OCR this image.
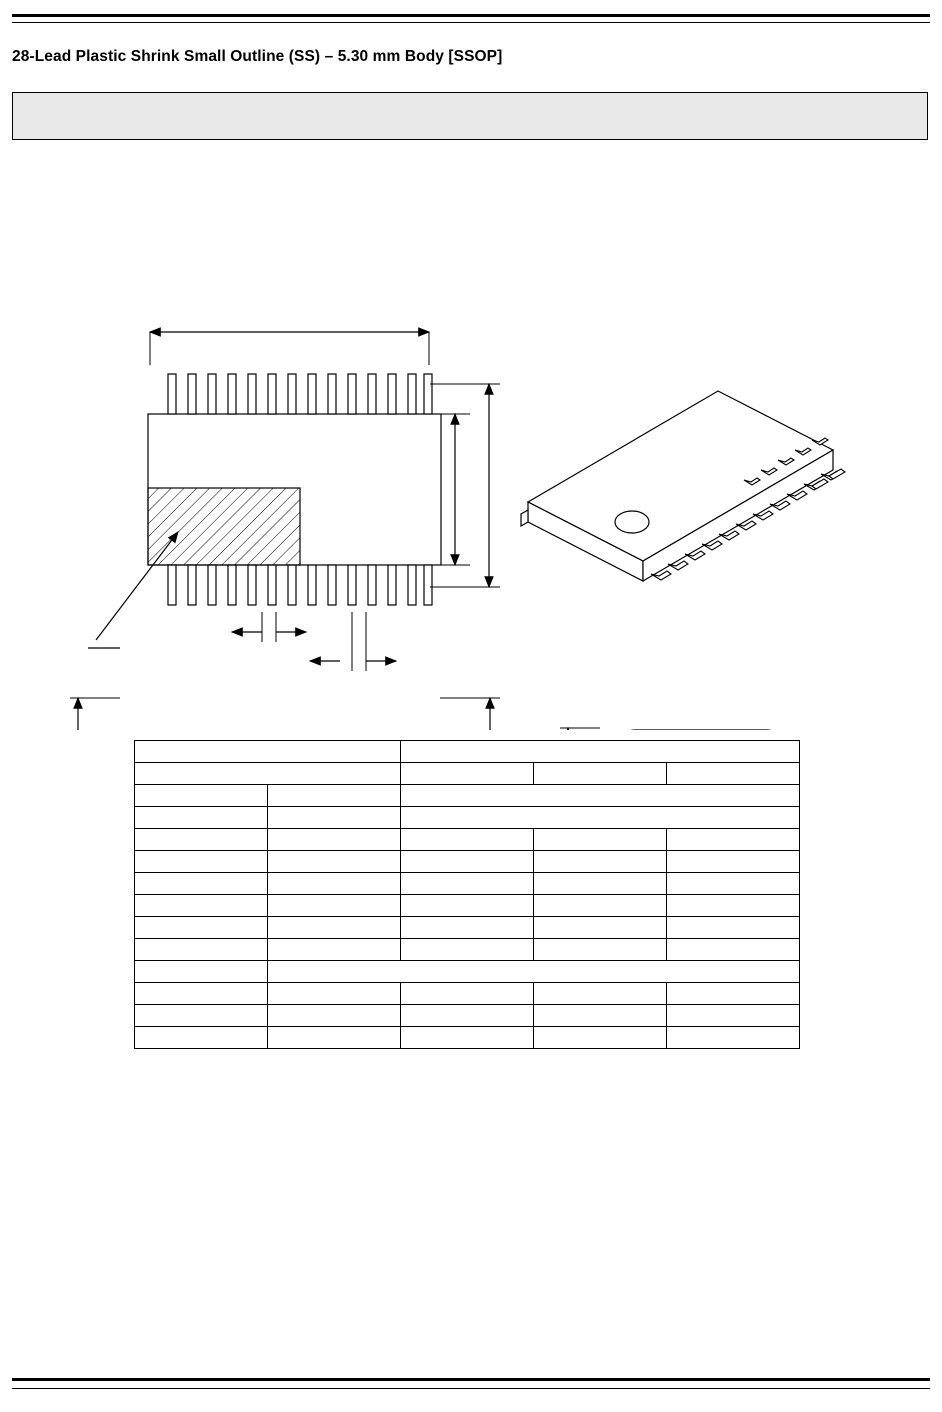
28-Lead Plastic Shrink Small Outline (SS) – 5.30 mm Body [SSOP]
